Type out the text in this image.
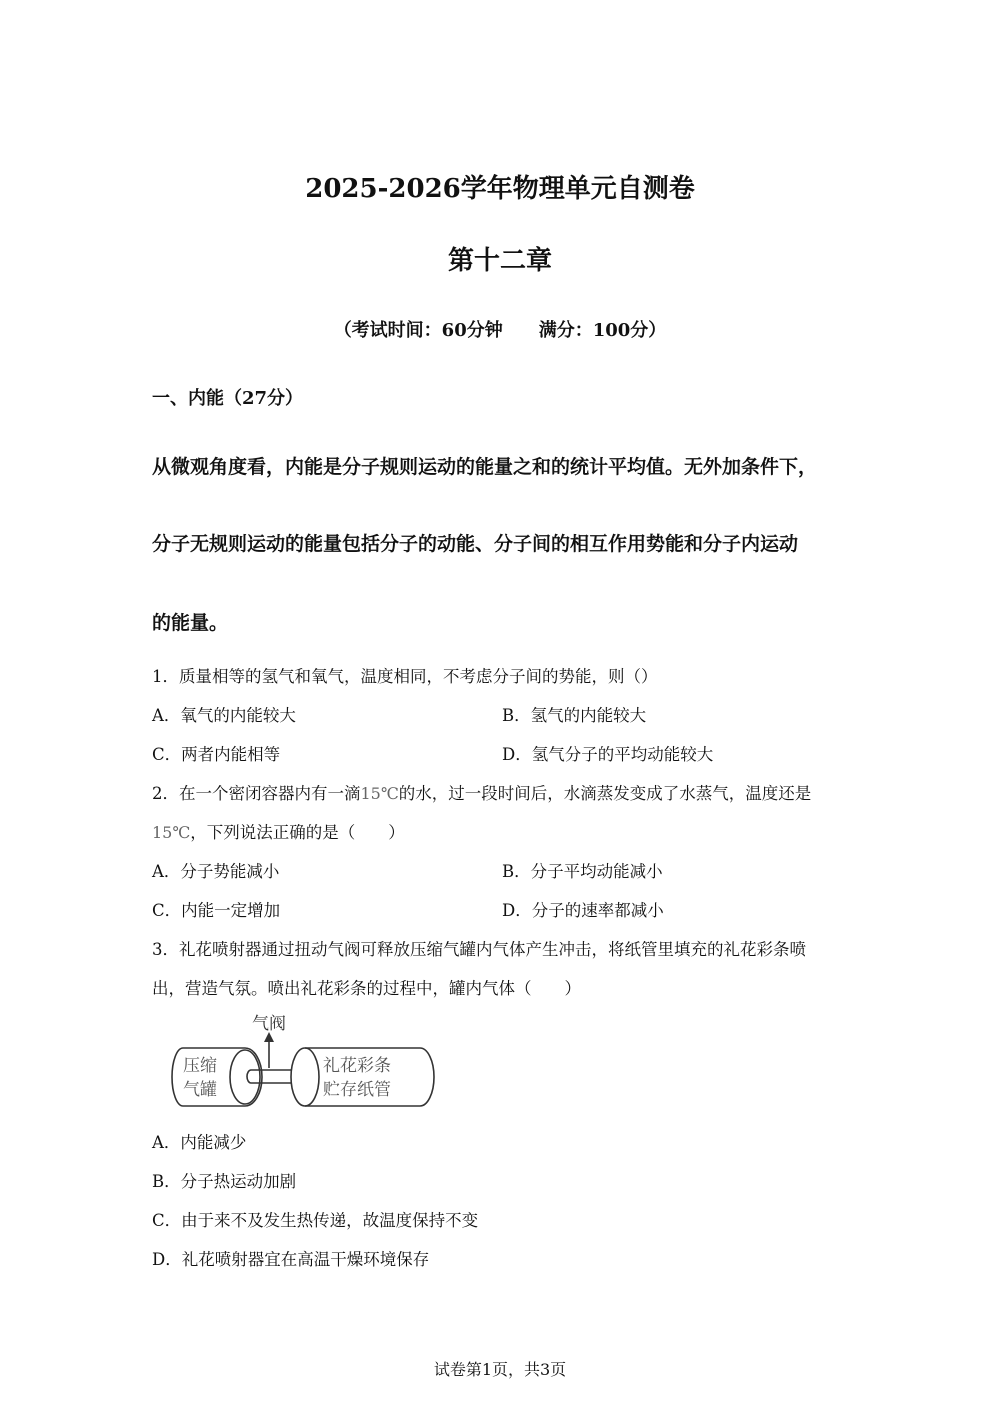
2025-2026学年物理单元自测卷
第十二章
（考试时间：60分钟　　满分：100分）
一、内能（27分）
从微观角度看，内能是分子规则运动的能量之和的统计平均值。无外加条件下，
分子无规则运动的能量包括分子的动能、分子间的相互作用势能和分子内运动
的能量。
1．质量相等的氢气和氧气，温度相同，不考虑分子间的势能，则（）
A．氧气的内能较大	B．氢气的内能较大
C．两者内能相等	D．氢气分子的平均动能较大
2．在一个密闭容器内有一滴15℃的水，过一段时间后，水滴蒸发变成了水蒸气，温度还是
15℃，下列说法正确的是（　　）
A．分子势能减小	B．分子平均动能减小
C．内能一定增加	D．分子的速率都减小
3．礼花喷射器通过扭动气阀可释放压缩气罐内气体产生冲击，将纸管里填充的礼花彩条喷
出，营造气氛。喷出礼花彩条的过程中，罐内气体（　　）
气阀
压缩
气罐
礼花彩条
贮存纸管
A．内能减少
B．分子热运动加剧
C．由于来不及发生热传递，故温度保持不变
D．礼花喷射器宜在高温干燥环境保存
试卷第1页，共3页
